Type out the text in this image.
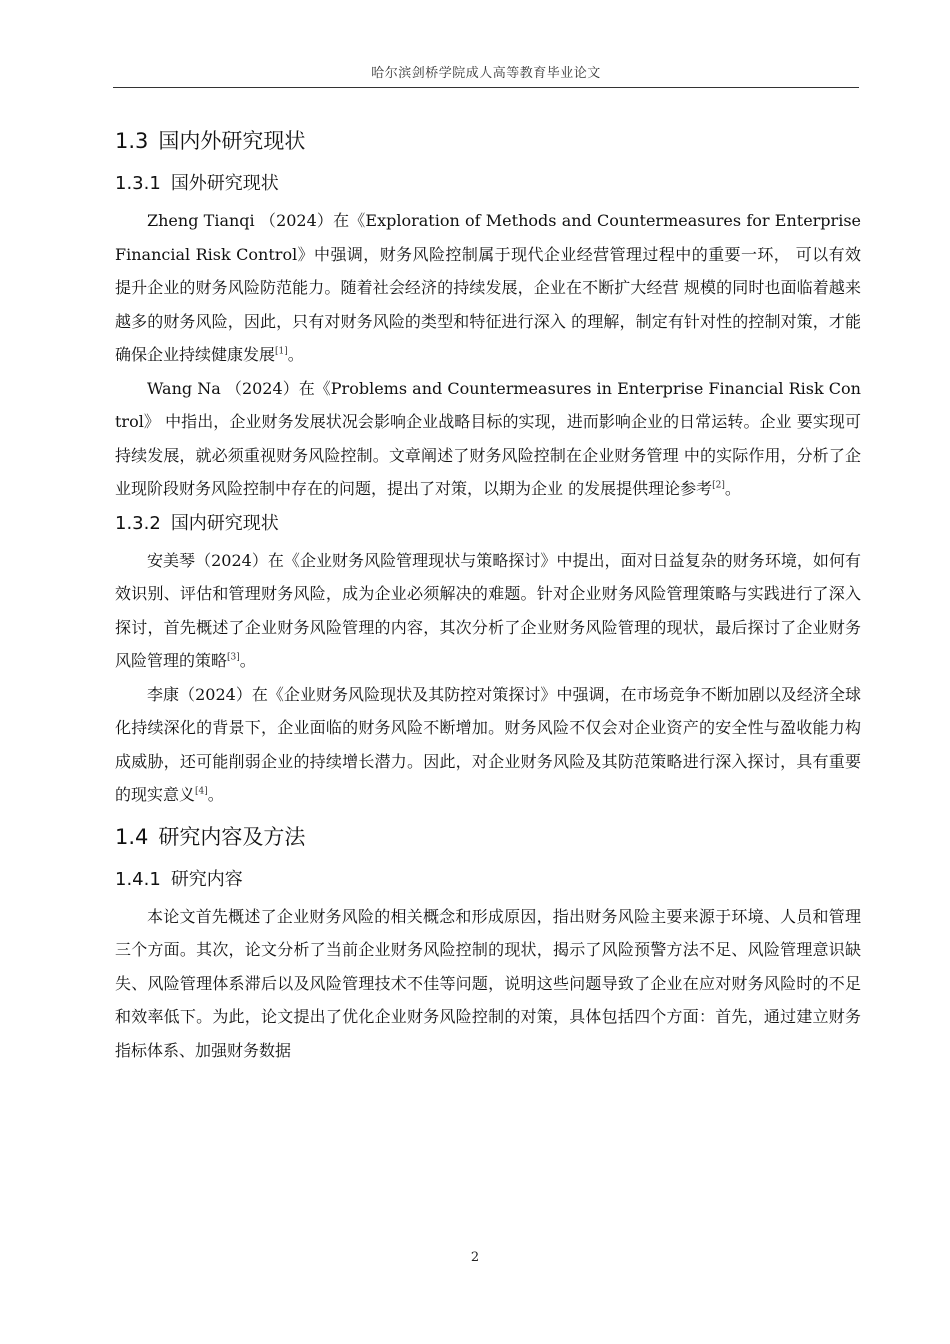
哈尔滨剑桥学院成人高等教育毕业论文
1.3 国内外研究现状
1.3.1 国外研究现状

Zheng Tianqi （2024）在《Exploration of Methods and Countermeasures for Enterprise Financial Risk Control》中强调，财务风险控制属于现代企业经营管理过程中的重要一环， 可以有效提升企业的财务风险防范能力。随着社会经济的持续发展，企业在不断扩大经营 规模的同时也面临着越来越多的财务风险，因此，只有对财务风险的类型和特征进行深入 的理解，制定有针对性的控制对策，才能确保企业持续健康发展[1]。

Wang Na （2024）在《Problems and Countermeasures in Enterprise Financial Risk Control》 中指出，企业财务发展状况会影响企业战略目标的实现，进而影响企业的日常运转。企业 要实现可持续发展，就必须重视财务风险控制。文章阐述了财务风险控制在企业财务管理 中的实际作用，分析了企业现阶段财务风险控制中存在的问题，提出了对策，以期为企业 的发展提供理论参考[2]。

1.3.2 国内研究现状

安美琴（2024）在《企业财务风险管理现状与策略探讨》中提出，面对日益复杂的财务环境，如何有效识别、评估和管理财务风险，成为企业必须解决的难题。针对企业财务风险管理策略与实践进行了深入探讨，首先概述了企业财务风险管理的内容，其次分析了企业财务风险管理的现状，最后探讨了企业财务风险管理的策略[3]。

李康（2024）在《企业财务风险现状及其防控对策探讨》中强调，在市场竞争不断加剧以及经济全球化持续深化的背景下，企业面临的财务风险不断增加。财务风险不仅会对企业资产的安全性与盈收能力构成威胁，还可能削弱企业的持续增长潜力。因此，对企业财务风险及其防范策略进行深入探讨，具有重要的现实意义[4]。

1.4 研究内容及方法
1.4.1 研究内容

本论文首先概述了企业财务风险的相关概念和形成原因，指出财务风险主要来源于环境、人员和管理三个方面。其次，论文分析了当前企业财务风险控制的现状，揭示了风险预警方法不足、风险管理意识缺失、风险管理体系滞后以及风险管理技术不佳等问题，说明这些问题导致了企业在应对财务风险时的不足和效率低下。为此，论文提出了优化企业财务风险控制的对策，具体包括四个方面：首先，通过建立财务指标体系、加强财务数据

2
